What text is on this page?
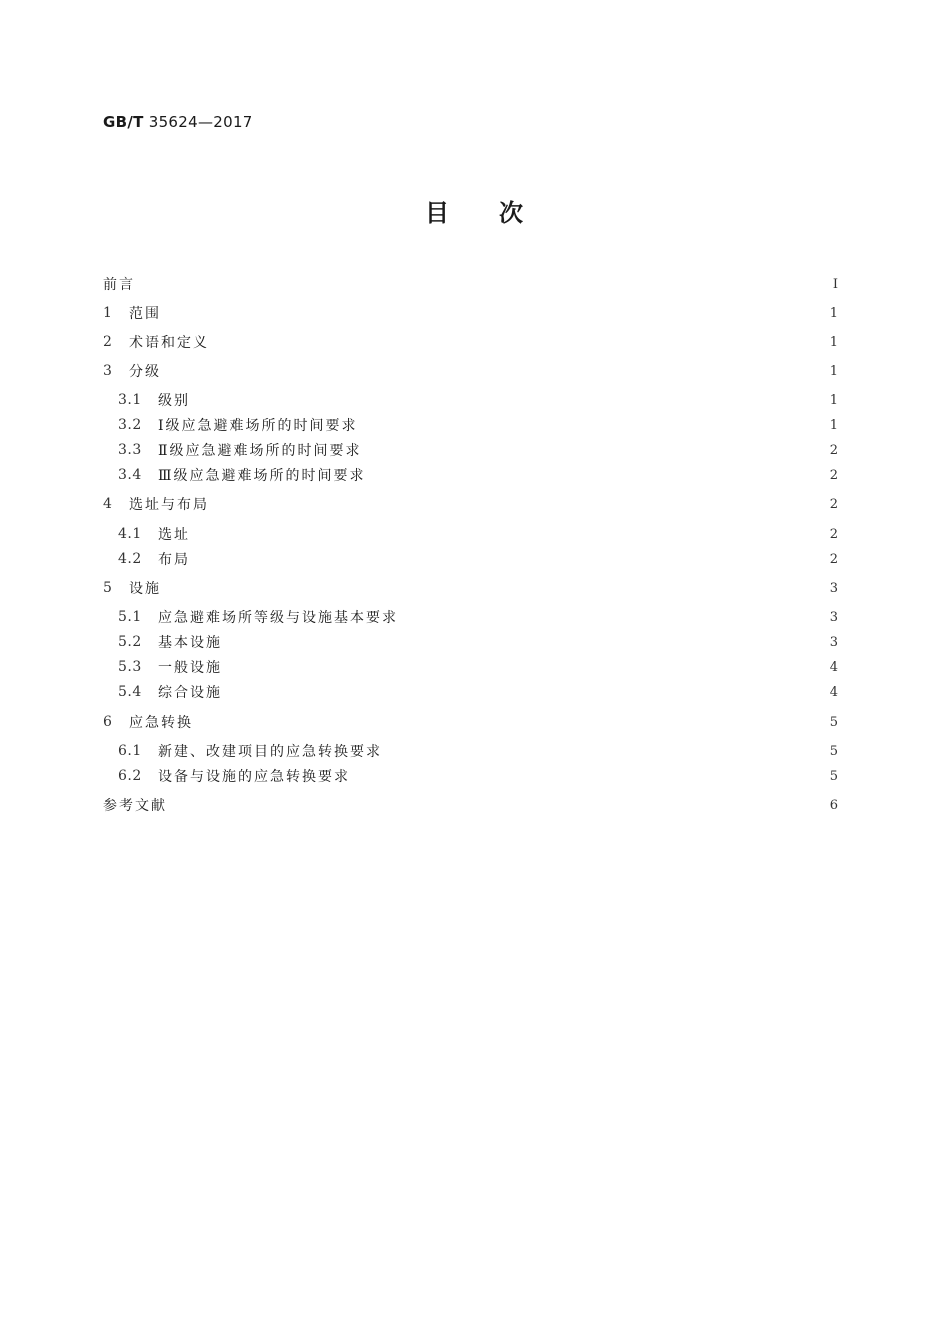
GB/T 35624—2017
目 次
前言	Ⅰ
1	范围	1
2	术语和定义	1
3	分级	1
3.1	级别	1
3.2	Ⅰ级应急避难场所的时间要求	1
3.3	Ⅱ级应急避难场所的时间要求	2
3.4	Ⅲ级应急避难场所的时间要求	2
4	选址与布局	2
4.1	选址	2
4.2	布局	2
5	设施	3
5.1	应急避难场所等级与设施基本要求	3
5.2	基本设施	3
5.3	一般设施	4
5.4	综合设施	4
6	应急转换	5
6.1	新建、改建项目的应急转换要求	5
6.2	设备与设施的应急转换要求	5
参考文献	6
